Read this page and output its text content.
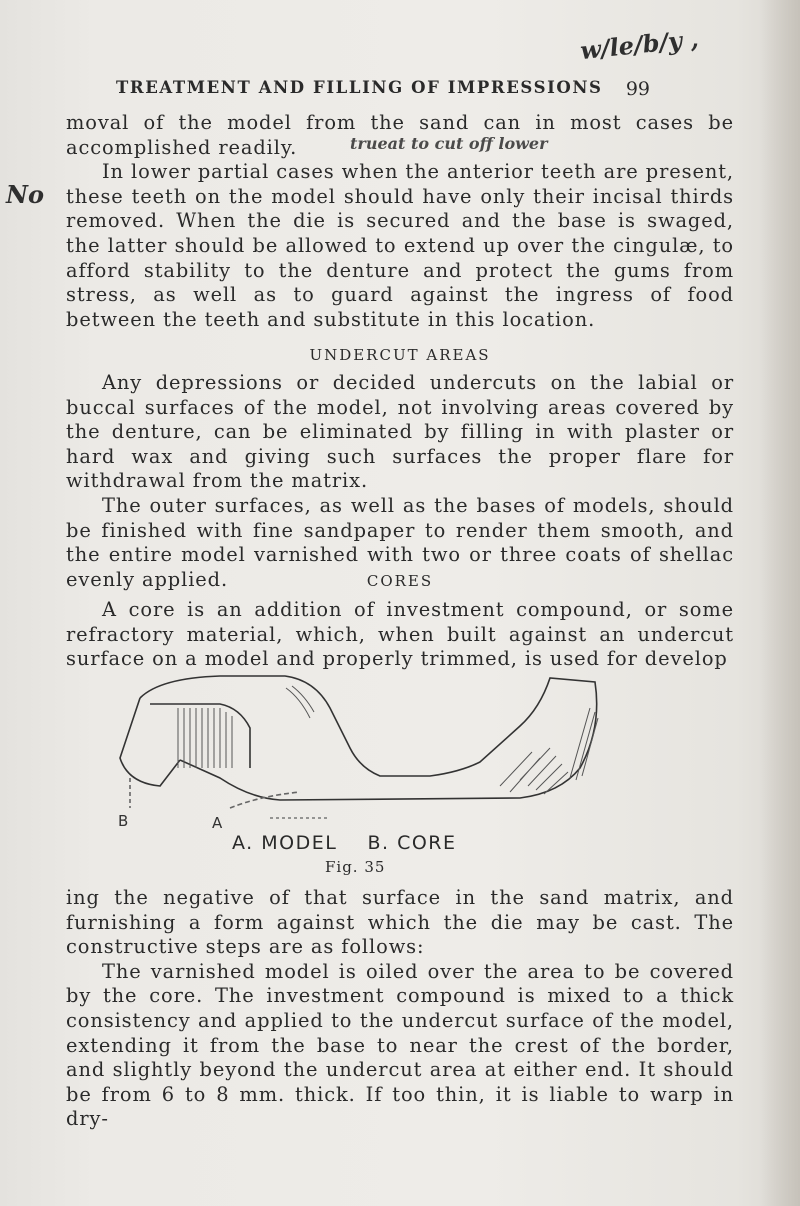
w/le/b/y ,
TREATMENT AND FILLING OF IMPRESSIONS 99

moval of the model from the sand can in most cases be accomplished readily.

In lower partial cases when the anterior teeth are present, these teeth on the model should have only their incisal thirds removed. When the die is secured and the base is swaged, the latter should be allowed to extend up over the cingulæ, to afford stability to the denture and protect the gums from stress, as well as to guard against the ingress of food between the teeth and substitute in this location.

trueat to cut off lower
No
UNDERCUT AREAS

Any depressions or decided undercuts on the labial or buccal surfaces of the model, not involving areas covered by the denture, can be eliminated by filling in with plaster or hard wax and giving such surfaces the proper flare for withdrawal from the matrix.

The outer surfaces, as well as the bases of models, should be finished with fine sandpaper to render them smooth, and the entire model varnished with two or three coats of shellac evenly applied.	CORES

A core is an addition of investment compound, or some refractory material, which, when built against an undercut surface on a model and properly trimmed, is used for develop

B	A
A. MODEL    B. CORE
Fig. 35

ing the negative of that surface in the sand matrix, and furnishing a form against which the die may be cast. The constructive steps are as follows:

The varnished model is oiled over the area to be covered by the core. The investment compound is mixed to a thick consistency and applied to the undercut surface of the model, extending it from the base to near the crest of the border, and slightly beyond the undercut area at either end. It should be from 6 to 8 mm. thick. If too thin, it is liable to warp in dry-
